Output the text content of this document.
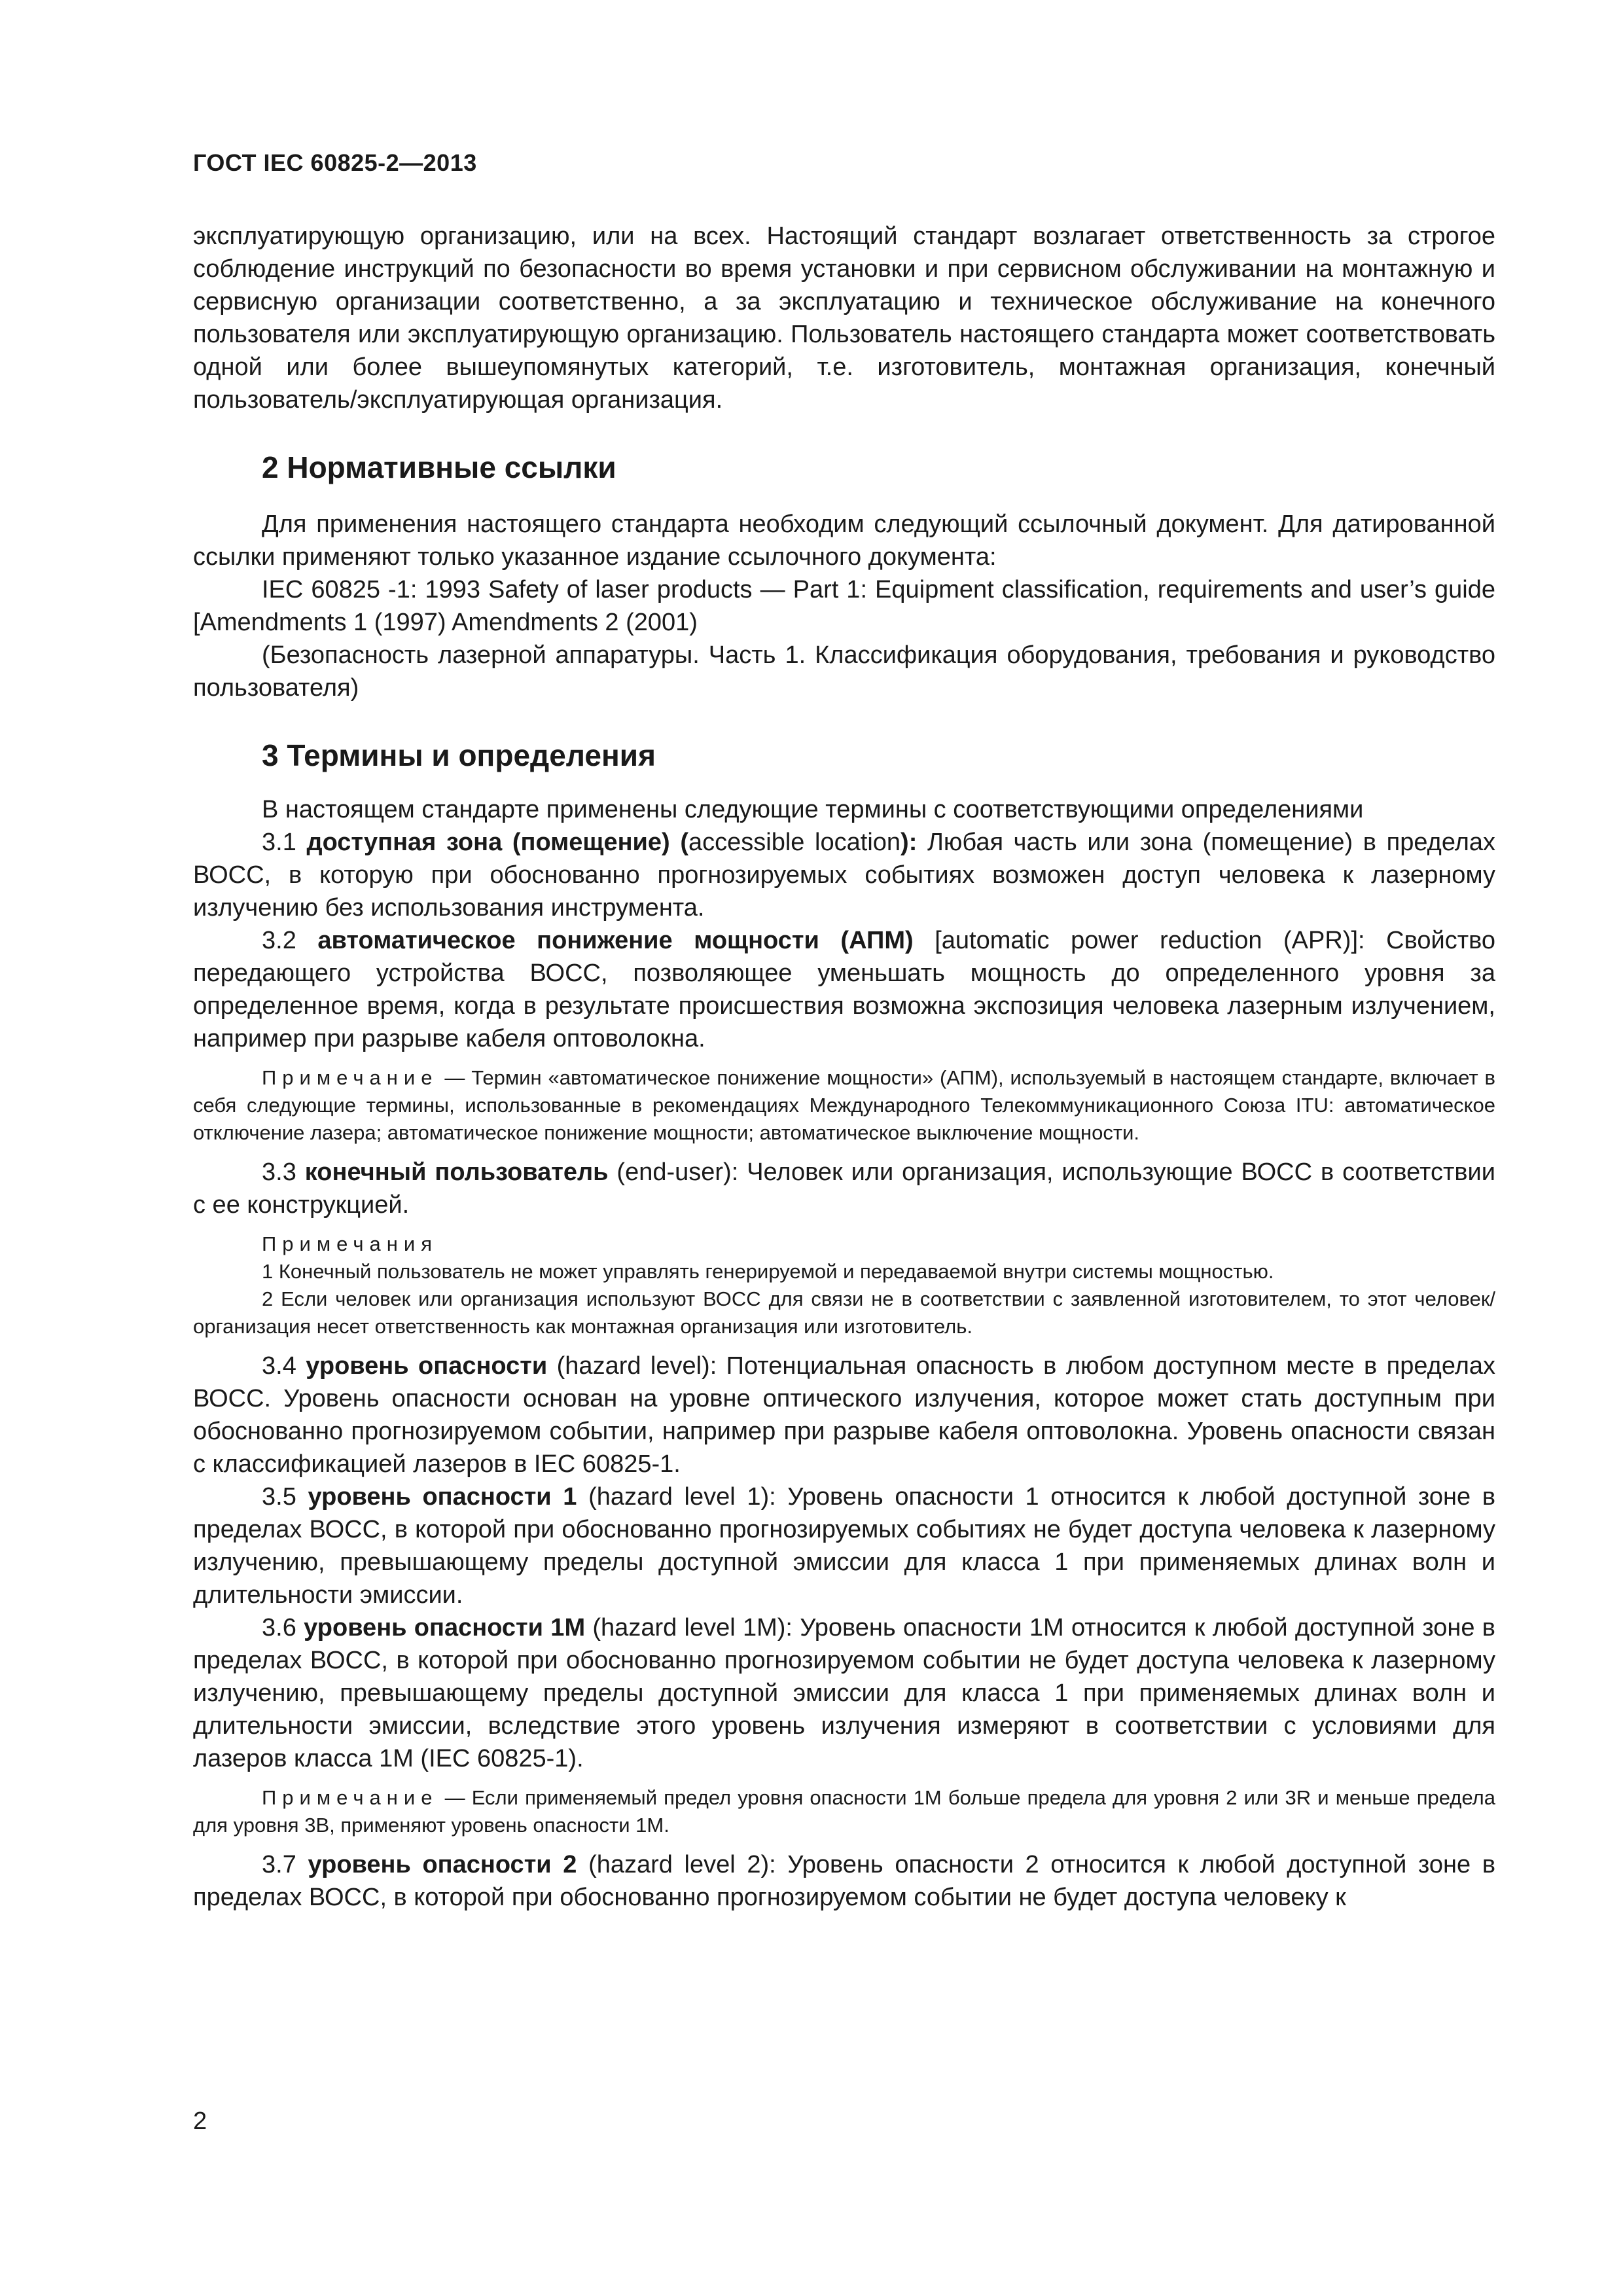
ГОСТ IEC 60825-2—2013

эксплуатирующую организацию, или на всех. Настоящий стандарт возлагает ответственность за строгое соблюдение инструкций по безопасности во время установки и при сервисном обслуживании на монтажную и сервисную организации соответственно, а за эксплуатацию и техническое обслуживание на конечного пользователя или эксплуатирующую организацию. Пользователь настоящего стандарта может соответствовать одной или более вышеупомянутых категорий, т.е. изготовитель, монтажная организация, конечный пользователь/эксплуатирующая организация.

2 Нормативные ссылки

Для применения настоящего стандарта необходим следующий ссылочный документ. Для датированной ссылки применяют только указанное издание ссылочного документа:

IEC 60825 -1: 1993 Safety of laser products — Part 1: Equipment classification, requirements and user’s guide [Amendments 1 (1997) Amendments 2 (2001)

(Безопасность лазерной аппаратуры. Часть 1. Классификация оборудования, требования и руководство пользователя)

3 Термины и определения

В настоящем стандарте применены следующие термины с соответствующими определениями

3.1 доступная зона (помещение) (accessible location): Любая часть или зона (помещение) в пределах ВОСС, в которую при обоснованно прогнозируемых событиях возможен доступ человека к лазерному излучению без использования инструмента.

3.2 автоматическое понижение мощности (АПМ) [automatic power reduction (APR)]: Свойство передающего устройства ВОСС, позволяющее уменьшать мощность до определенного уровня за определенное время, когда в результате происшествия возможна экспозиция человека лазерным излучением, например при разрыве кабеля оптоволокна.

Примечание — Термин «автоматическое понижение мощности» (АПМ), используемый в настоящем стандарте, включает в себя следующие термины, использованные в рекомендациях Международного Телекоммуникационного Союза ITU: автоматическое отключение лазера; автоматическое понижение мощности; автоматическое выключение мощности.

3.3 конечный пользователь (end-user): Человек или организация, использующие ВОСС в соответствии с ее конструкцией.

Примечания

1 Конечный пользователь не может управлять генерируемой и передаваемой внутри системы мощностью.

2 Если человек или организация используют ВОСС для связи не в соответствии с заявленной изготовителем, то этот человек/организация несет ответственность как монтажная организация или изготовитель.

3.4 уровень опасности (hazard level): Потенциальная опасность в любом доступном месте в пределах ВОСС. Уровень опасности основан на уровне оптического излучения, которое может стать доступным при обоснованно прогнозируемом событии, например при разрыве кабеля оптоволокна. Уровень опасности связан с классификацией лазеров в IEC 60825-1.

3.5 уровень опасности 1 (hazard level 1): Уровень опасности 1 относится к любой доступной зоне в пределах ВОСС, в которой при обоснованно прогнозируемых событиях не будет доступа человека к лазерному излучению, превышающему пределы доступной эмиссии для класса 1 при применяемых длинах волн и длительности эмиссии.

3.6 уровень опасности 1М (hazard level 1M): Уровень опасности 1М относится к любой доступной зоне в пределах ВОСС, в которой при обоснованно прогнозируемом событии не будет доступа человека к лазерному излучению, превышающему пределы доступной эмиссии для класса 1 при применяемых длинах волн и длительности эмиссии, вследствие этого уровень излучения измеряют в соответствии с условиями для лазеров класса 1М (IEC 60825-1).

Примечание — Если применяемый предел уровня опасности 1М больше предела для уровня 2 или 3R и меньше предела для уровня 3В, применяют уровень опасности 1М.

3.7 уровень опасности 2 (hazard level 2): Уровень опасности 2 относится к любой доступной зоне в пределах ВОСС, в которой при обоснованно прогнозируемом событии не будет доступа человеку к

2
